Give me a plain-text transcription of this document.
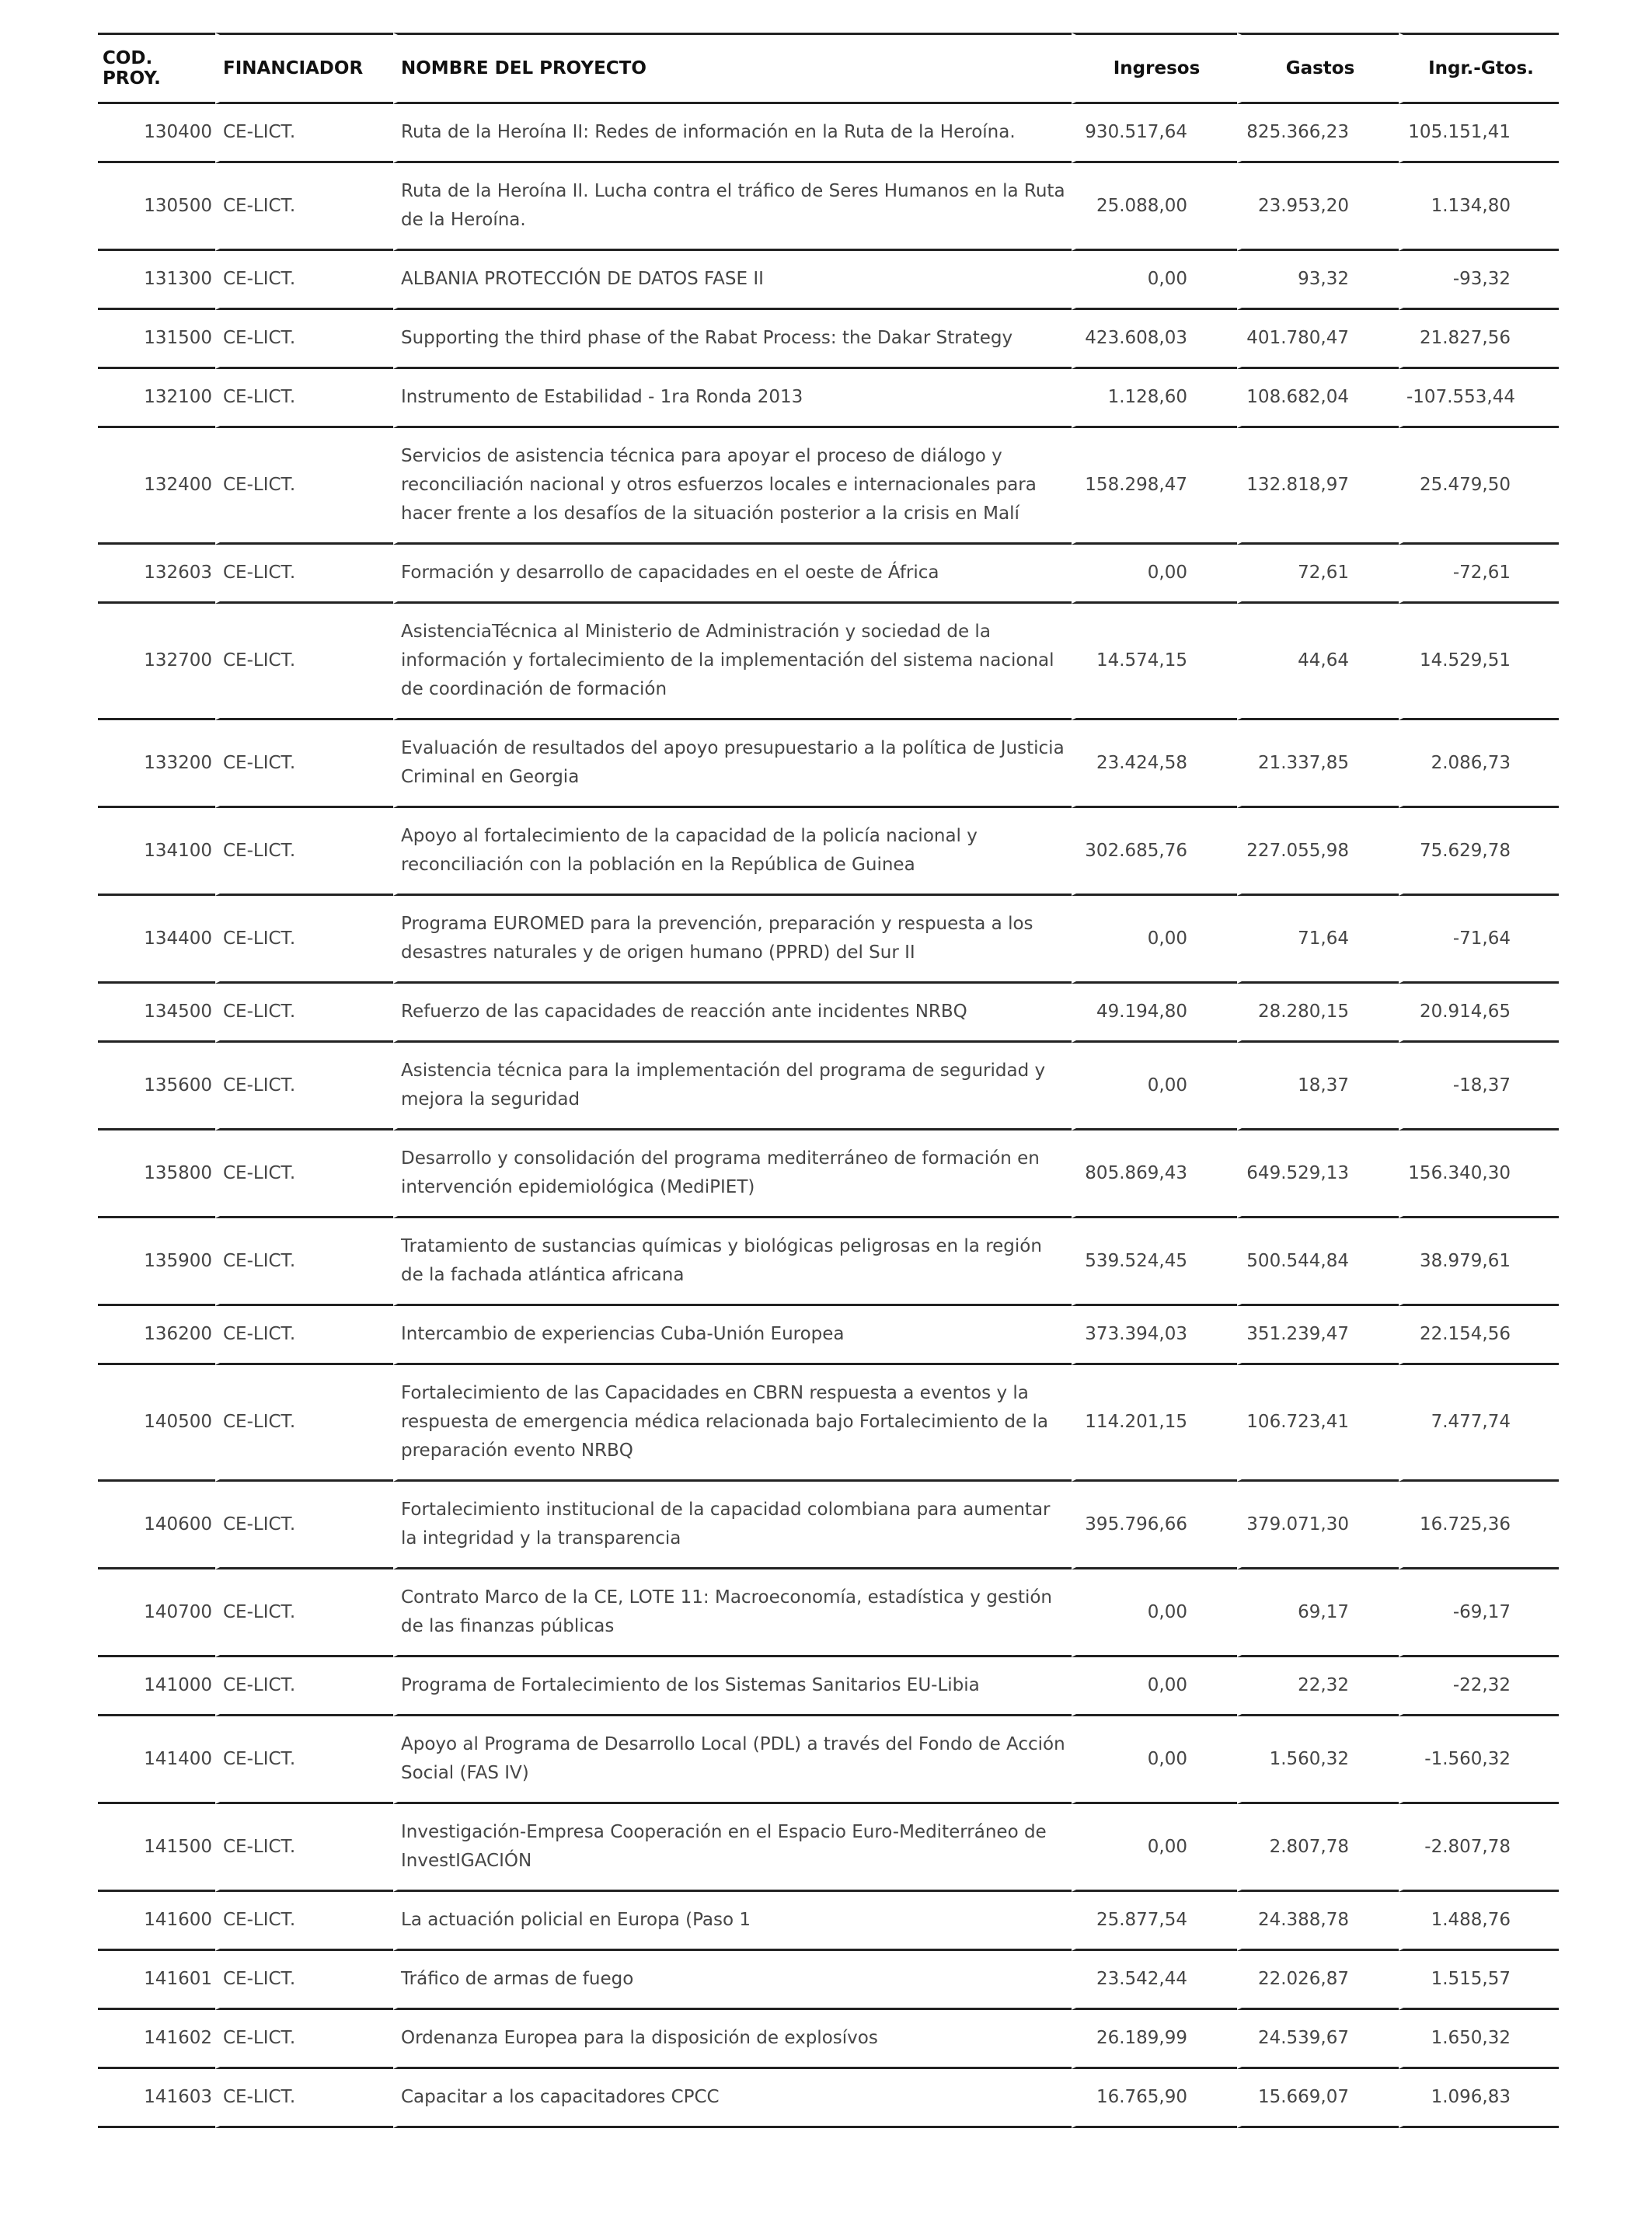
COD. PROY.	FINANCIADOR	NOMBRE DEL PROYECTO	Ingresos	Gastos	Ingr.-Gtos.
130400	CE-LICT.	Ruta de la Heroína II: Redes de información en la Ruta de la Heroína.	930.517,64	825.366,23	105.151,41
130500	CE-LICT.	Ruta de la Heroína II. Lucha contra el tráfico de Seres Humanos en la Ruta de la Heroína.	25.088,00	23.953,20	1.134,80
131300	CE-LICT.	ALBANIA PROTECCIÓN DE DATOS FASE II	0,00	93,32	-93,32
131500	CE-LICT.	Supporting the third phase of the Rabat Process: the Dakar Strategy	423.608,03	401.780,47	21.827,56
132100	CE-LICT.	Instrumento de Estabilidad - 1ra Ronda 2013	1.128,60	108.682,04	-107.553,44
132400	CE-LICT.	Servicios de asistencia técnica para apoyar el proceso de diálogo y reconciliación nacional y otros esfuerzos locales e internacionales para hacer frente a los desafíos de la situación posterior a la crisis en Malí	158.298,47	132.818,97	25.479,50
132603	CE-LICT.	Formación y desarrollo de capacidades en el oeste de África	0,00	72,61	-72,61
132700	CE-LICT.	AsistenciaTécnica al Ministerio de Administración y sociedad de la información y fortalecimiento de la implementación del sistema nacional de coordinación de formación	14.574,15	44,64	14.529,51
133200	CE-LICT.	Evaluación de resultados del apoyo presupuestario a la política de Justicia Criminal en Georgia	23.424,58	21.337,85	2.086,73
134100	CE-LICT.	Apoyo al fortalecimiento de la capacidad de la policía nacional y reconciliación con la población en la República de Guinea	302.685,76	227.055,98	75.629,78
134400	CE-LICT.	Programa EUROMED para la prevención, preparación y respuesta a los desastres naturales y de origen humano (PPRD) del Sur II	0,00	71,64	-71,64
134500	CE-LICT.	Refuerzo de las capacidades de reacción ante incidentes NRBQ	49.194,80	28.280,15	20.914,65
135600	CE-LICT.	Asistencia técnica para la implementación del programa de seguridad y mejora la seguridad	0,00	18,37	-18,37
135800	CE-LICT.	Desarrollo y consolidación del programa mediterráneo de formación en intervención epidemiológica (MediPIET)	805.869,43	649.529,13	156.340,30
135900	CE-LICT.	Tratamiento de sustancias químicas y biológicas peligrosas en la región de la fachada atlántica africana	539.524,45	500.544,84	38.979,61
136200	CE-LICT.	Intercambio de experiencias Cuba-Unión Europea	373.394,03	351.239,47	22.154,56
140500	CE-LICT.	Fortalecimiento de las Capacidades en CBRN respuesta a eventos y la respuesta de emergencia médica relacionada bajo Fortalecimiento de la preparación evento NRBQ	114.201,15	106.723,41	7.477,74
140600	CE-LICT.	Fortalecimiento institucional de la capacidad colombiana para aumentar la integridad y la transparencia	395.796,66	379.071,30	16.725,36
140700	CE-LICT.	Contrato Marco de la CE, LOTE 11: Macroeconomía, estadística y gestión de las finanzas públicas	0,00	69,17	-69,17
141000	CE-LICT.	Programa de Fortalecimiento de los Sistemas Sanitarios EU-Libia	0,00	22,32	-22,32
141400	CE-LICT.	Apoyo al Programa de Desarrollo Local (PDL) a través del Fondo de Acción Social (FAS IV)	0,00	1.560,32	-1.560,32
141500	CE-LICT.	Investigación-Empresa Cooperación en el Espacio Euro-Mediterráneo de InvestIGACIÓN	0,00	2.807,78	-2.807,78
141600	CE-LICT.	La actuación policial en Europa (Paso 1	25.877,54	24.388,78	1.488,76
141601	CE-LICT.	Tráfico de armas de fuego	23.542,44	22.026,87	1.515,57
141602	CE-LICT.	Ordenanza Europea para la disposición de explosívos	26.189,99	24.539,67	1.650,32
141603	CE-LICT.	Capacitar a los capacitadores CPCC	16.765,90	15.669,07	1.096,83
